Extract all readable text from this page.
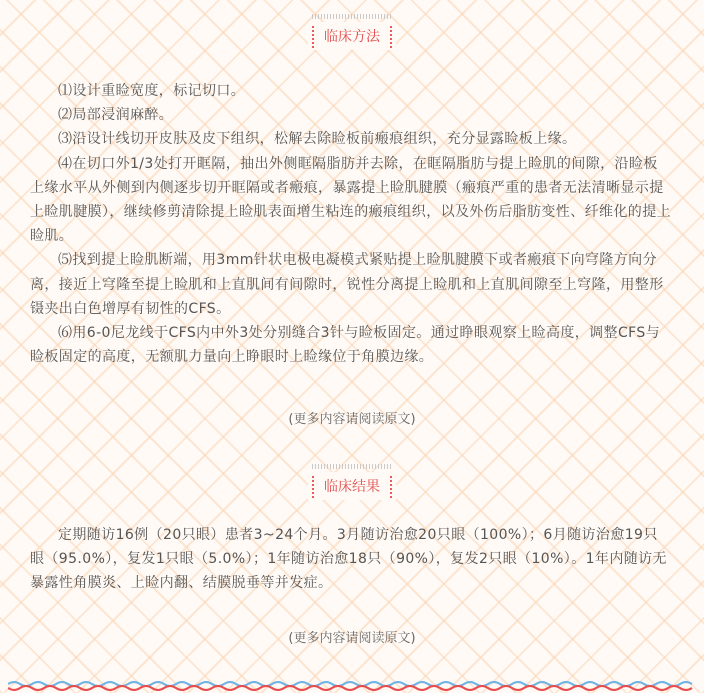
临床方法

⑴设计重睑宽度，标记切口。

⑵局部浸润麻醉。

⑶沿设计线切开皮肤及皮下组织，松解去除睑板前瘢痕组织，充分显露睑板上缘。

⑷在切口外1/3处打开眶隔，抽出外侧眶隔脂肪并去除，在眶隔脂肪与提上睑肌的间隙，沿睑板上缘水平从外侧到内侧逐步切开眶隔或者瘢痕，暴露提上睑肌腱膜（瘢痕严重的患者无法清晰显示提上睑肌腱膜），继续修剪清除提上睑肌表面增生粘连的瘢痕组织，以及外伤后脂肪变性、纤维化的提上睑肌。

⑸找到提上睑肌断端，用3mm针状电极电凝模式紧贴提上睑肌腱膜下或者瘢痕下向穹隆方向分离，接近上穹隆至提上睑肌和上直肌间有间隙时，锐性分离提上睑肌和上直肌间隙至上穹隆，用整形镊夹出白色增厚有韧性的CFS。

⑹用6-0尼龙线于CFS内中外3处分别缝合3针与睑板固定。通过睁眼观察上睑高度，调整CFS与睑板固定的高度，无额肌力量向上睁眼时上睑缘位于角膜边缘。

(更多内容请阅读原文)
临床结果

定期随访16例（20只眼）患者3~24个月。3月随访治愈20只眼（100%）；6月随访治愈19只眼（95.0%），复发1只眼（5.0%）；1年随访治愈18只（90%），复发2只眼（10%）。1年内随访无暴露性角膜炎、上睑内翻、结膜脱垂等并发症。

(更多内容请阅读原文)
